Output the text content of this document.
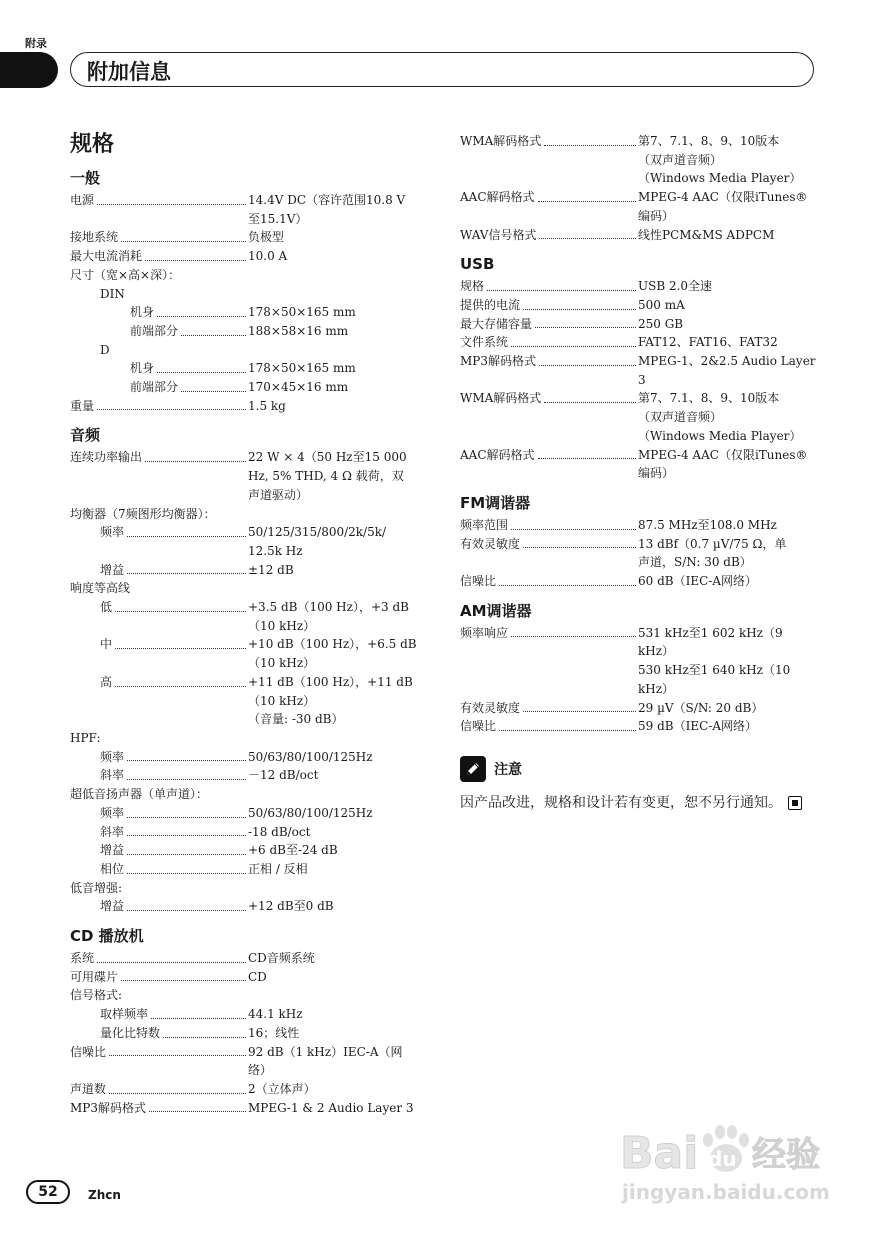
附录
附加信息
规格
一般
电源	14.4V DC（容许范围10.8 V
至15.1V）
接地系统	负极型
最大电流消耗	10.0 A
尺寸（宽×高×深）：
DIN
机身	178×50×165 mm
前端部分	188×58×16 mm
D
机身	178×50×165 mm
前端部分	170×45×16 mm
重量	1.5 kg
音频
连续功率输出	22 W × 4（50 Hz至15 000
Hz, 5% THD, 4 Ω 载荷，双
声道驱动）
均衡器（7频图形均衡器）：
频率	50/125/315/800/2k/5k/
12.5k Hz
增益	±12 dB
响度等高线
低	+3.5 dB（100 Hz），+3 dB
（10 kHz）
中	+10 dB（100 Hz），+6.5 dB
（10 kHz）
高	+11 dB（100 Hz），+11 dB
（10 kHz）
（音量: -30 dB）
HPF:
频率	50/63/80/100/125Hz
斜率	－12 dB/oct
超低音扬声器（单声道）：
频率	50/63/80/100/125Hz
斜率	-18 dB/oct
增益	+6 dB至-24 dB
相位	正相 / 反相
低音增强:
增益	+12 dB至0 dB
CD 播放机
系统	CD音频系统
可用碟片	CD
信号格式:
取样频率	44.1 kHz
量化比特数	16；线性
信噪比	92 dB（1 kHz）IEC-A（网
络）
声道数	2（立体声）
MP3解码格式	MPEG-1 & 2 Audio Layer 3
WMA解码格式	第7、7.1、8、9、10版本
（双声道音频）
（Windows Media Player）
AAC解码格式	MPEG-4 AAC（仅限iTunes®
编码）
WAV信号格式	线性PCM&MS ADPCM
USB
规格	USB 2.0全速
提供的电流	500 mA
最大存储容量	250 GB
文件系统	FAT12、FAT16、FAT32
MP3解码格式	MPEG-1、2&2.5 Audio Layer
3
WMA解码格式	第7、7.1、8、9、10版本
（双声道音频）
（Windows Media Player）
AAC解码格式	MPEG-4 AAC（仅限iTunes®
编码）
FM调谐器
频率范围	87.5 MHz至108.0 MHz
有效灵敏度	13 dBf（0.7 µV/75 Ω，单
声道，S/N: 30 dB）
信噪比	60 dB（IEC-A网络）
AM调谐器
频率响应	531 kHz至1 602 kHz（9
kHz）
530 kHz至1 640 kHz（10
kHz）
有效灵敏度	29 µV（S/N: 20 dB）
信噪比	59 dB（IEC-A网络）
注意
因产品改进，规格和设计若有变更，恕不另行通知。
52	Zhcn
Bai du 经验
jingyan.baidu.com
